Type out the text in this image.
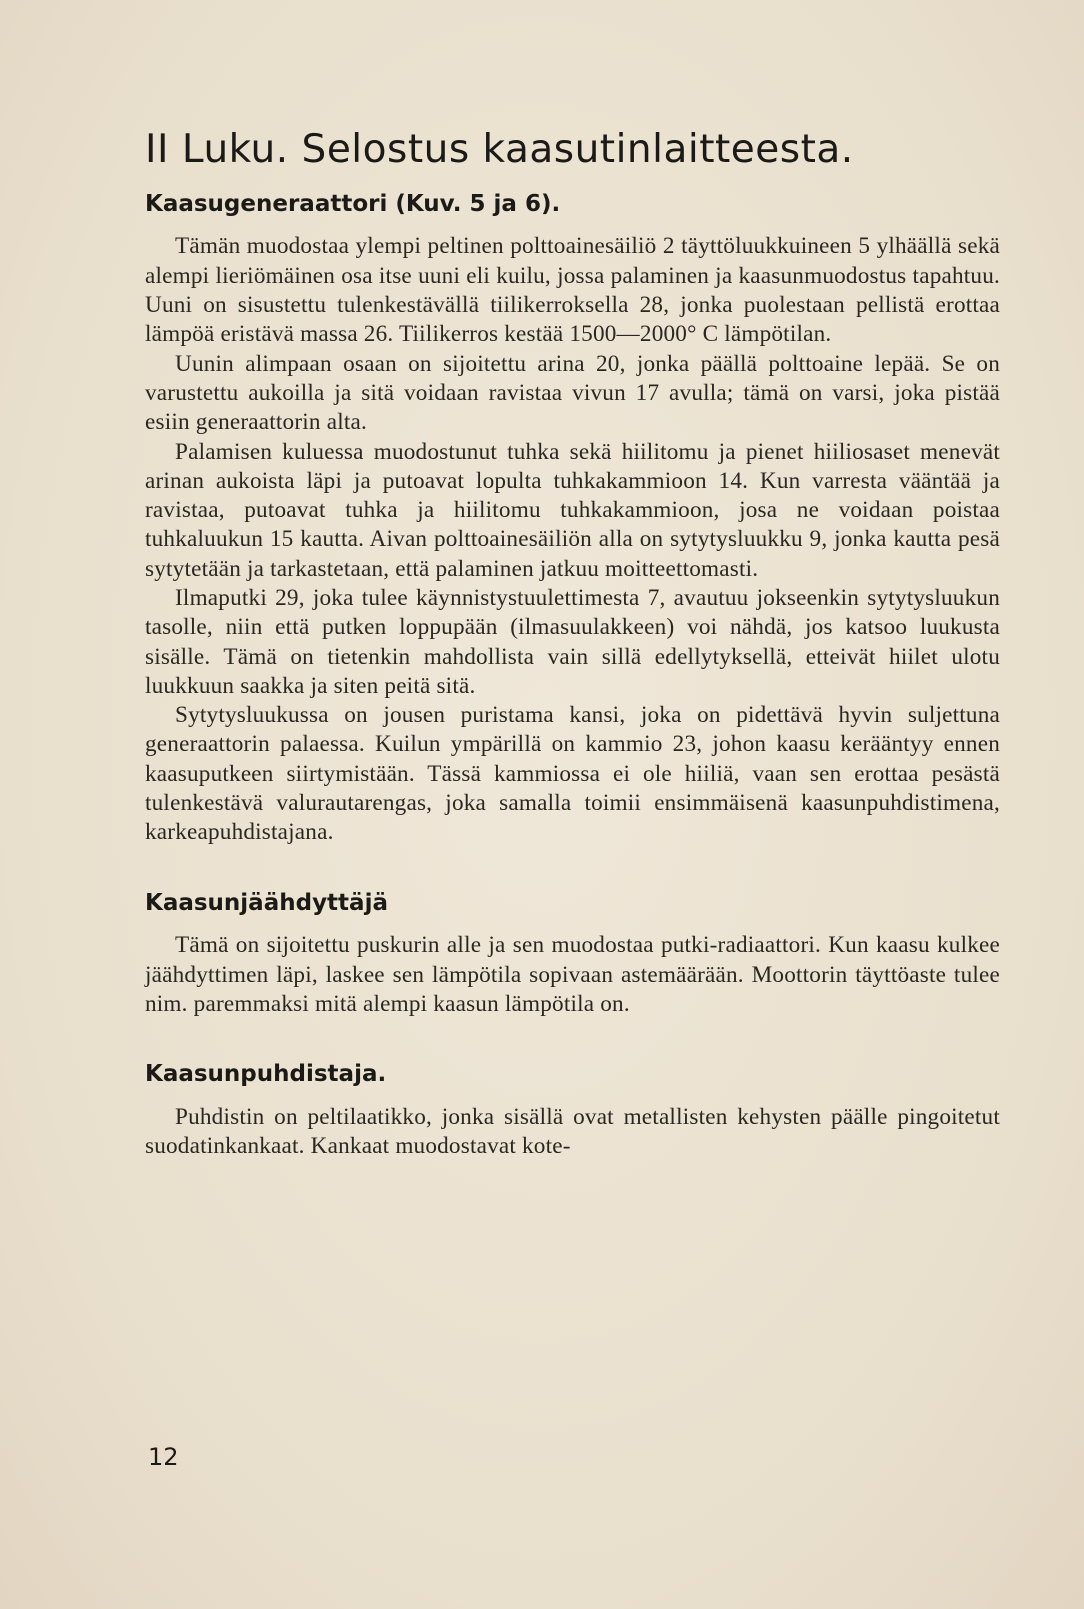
II Luku. Selostus kaasutinlaitteesta.
Kaasugeneraattori (Kuv. 5 ja 6).

Tämän muodostaa ylempi peltinen polttoainesäiliö 2 täyttöluukkuineen 5 ylhäällä sekä alempi lieriömäinen osa itse uuni eli kuilu, jossa palaminen ja kaasunmuodostus tapahtuu. Uuni on sisustettu tulenkestävällä tiilikerroksella 28, jonka puolestaan pellistä erottaa lämpöä eristävä massa 26. Tiilikerros kestää 1500—2000° C lämpötilan.

Uunin alimpaan osaan on sijoitettu arina 20, jonka päällä polttoaine lepää. Se on varustettu aukoilla ja sitä voidaan ravistaa vivun 17 avulla; tämä on varsi, joka pistää esiin generaattorin alta.

Palamisen kuluessa muodostunut tuhka sekä hiilitomu ja pienet hiiliosaset menevät arinan aukoista läpi ja putoavat lopulta tuhkakammioon 14. Kun varresta vääntää ja ravistaa, putoavat tuhka ja hiilitomu tuhkakammioon, josa ne voidaan poistaa tuhkaluukun 15 kautta. Aivan polttoainesäiliön alla on sytytysluukku 9, jonka kautta pesä sytytetään ja tarkastetaan, että palaminen jatkuu moitteettomasti.

Ilmaputki 29, joka tulee käynnistystuulettimesta 7, avautuu jokseenkin sytytysluukun tasolle, niin että putken loppupään (ilmasuulakkeen) voi nähdä, jos katsoo luukusta sisälle. Tämä on tietenkin mahdollista vain sillä edellytyksellä, etteivät hiilet ulotu luukkuun saakka ja siten peitä sitä.

Sytytysluukussa on jousen puristama kansi, joka on pidettävä hyvin suljettuna generaattorin palaessa. Kuilun ympärillä on kammio 23, johon kaasu kerääntyy ennen kaasuputkeen siirtymistään. Tässä kammiossa ei ole hiiliä, vaan sen erottaa pesästä tulenkestävä valurautarengas, joka samalla toimii ensimmäisenä kaasunpuhdistimena, karkeapuhdistajana.

Kaasunjäähdyttäjä

Tämä on sijoitettu puskurin alle ja sen muodostaa putki-radiaattori. Kun kaasu kulkee jäähdyttimen läpi, laskee sen lämpötila sopivaan astemäärään. Moottorin täyttöaste tulee nim. paremmaksi mitä alempi kaasun lämpötila on.

Kaasunpuhdistaja.

Puhdistin on peltilaatikko, jonka sisällä ovat metallisten kehysten päälle pingoitetut suodatinkankaat. Kankaat muodostavat kote-

12
